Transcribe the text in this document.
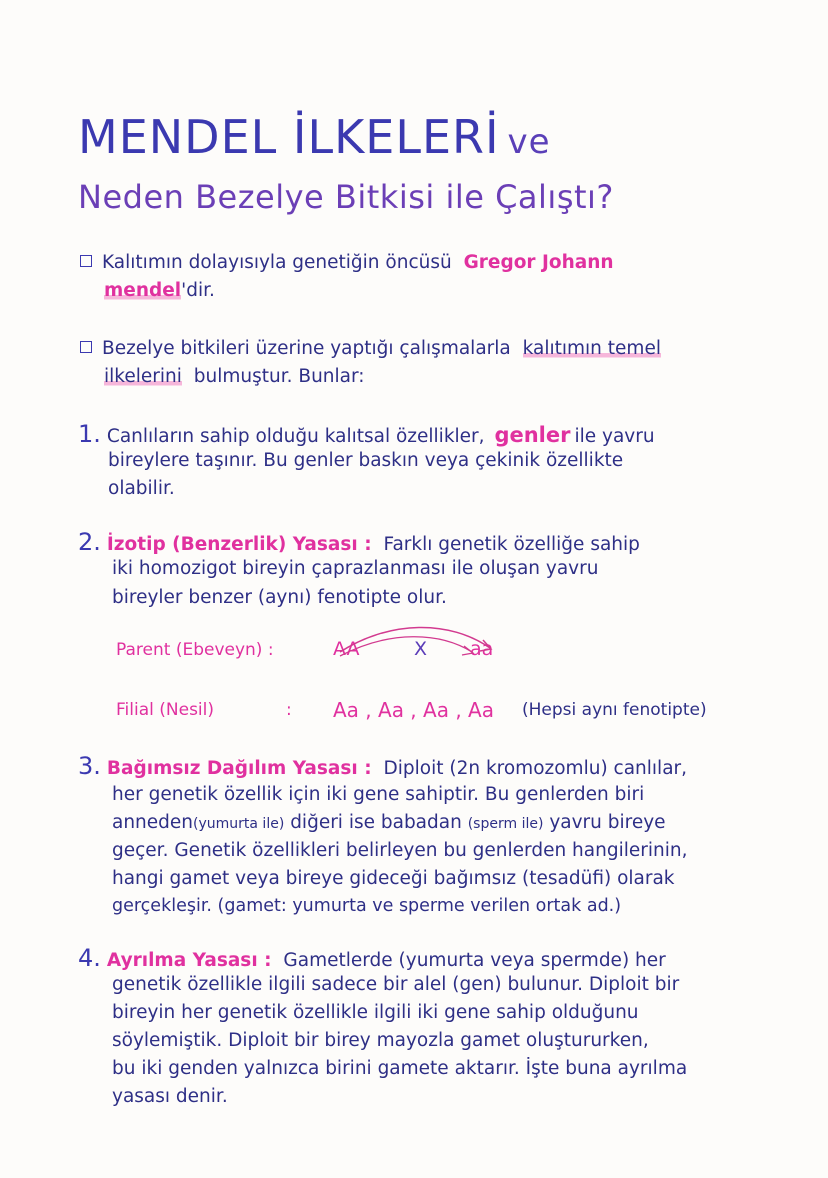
MENDEL İLKELERİ ve
Neden Bezelye Bitkisi ile Çalıştı?
Kalıtımın dolayısıyla genetiğin öncüsü Gregor Johann
mendel'dir.
Bezelye bitkileri üzerine yaptığı çalışmalarla kalıtımın temel
ilkelerini bulmuştur. Bunlar:
1. Canlıların sahip olduğu kalıtsal özellikler, genler ile yavru
bireylere taşınır. Bu genler baskın veya çekinik özellikte
olabilir.
2. İzotip (Benzerlik) Yasası : Farklı genetik özelliğe sahip
iki homozigot bireyin çaprazlanması ile oluşan yavru
bireyler benzer (aynı) fenotipte olur.
Parent (Ebeveyn) :	AA	X aa
Filial (Nesil)	: Aa , Aa , Aa , Aa (Hepsi aynı fenotipte)
3. Bağımsız Dağılım Yasası : Diploit (2n kromozomlu) canlılar,
her genetik özellik için iki gene sahiptir. Bu genlerden biri
anneden(yumurta ile) diğeri ise babadan (sperm ile) yavru bireye
geçer. Genetik özellikleri belirleyen bu genlerden hangilerinin,
hangi gamet veya bireye gideceği bağımsız (tesadüfi) olarak
gerçekleşir. (gamet: yumurta ve sperme verilen ortak ad.)
4. Ayrılma Yasası : Gametlerde (yumurta veya spermde) her
genetik özellikle ilgili sadece bir alel (gen) bulunur. Diploit bir
bireyin her genetik özellikle ilgili iki gene sahip olduğunu
söylemiştik. Diploit bir birey mayozla gamet oluştururken,
bu iki genden yalnızca birini gamete aktarır. İşte buna ayrılma
yasası denir.
